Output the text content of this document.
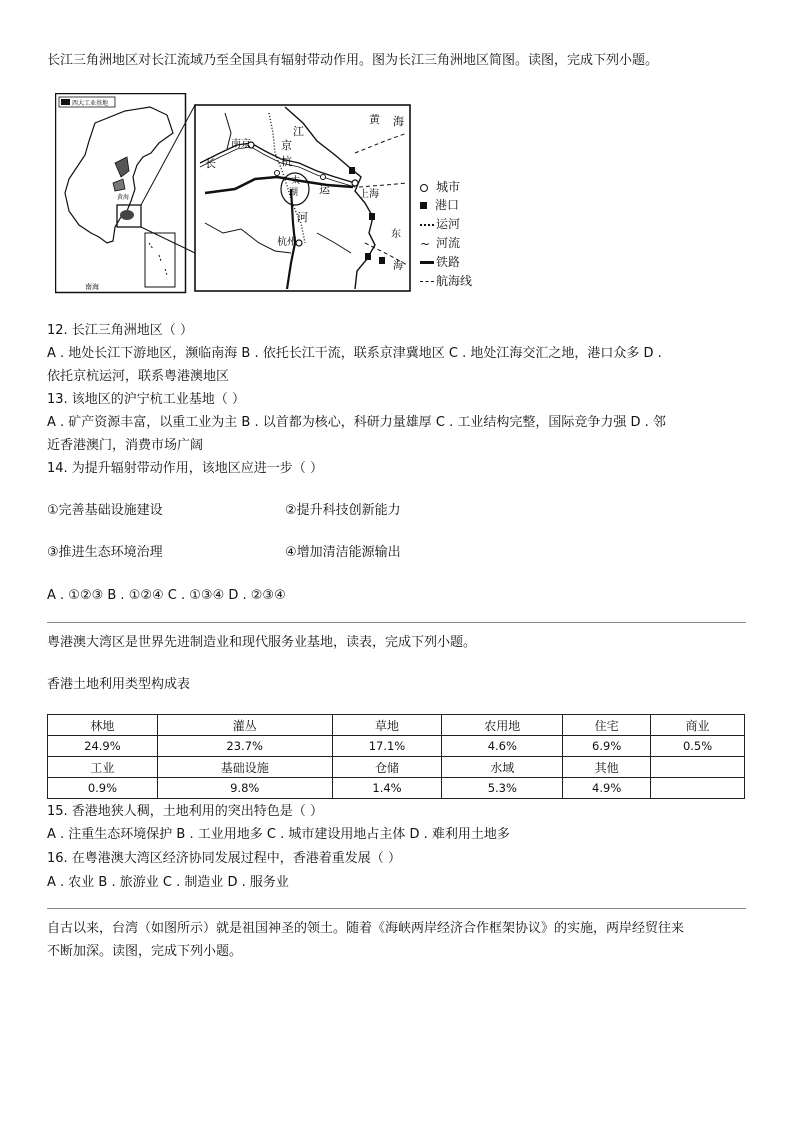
长江三角洲地区对长江流域乃至全国具有辐射带动作用。图为长江三角洲地区简图。读图，完成下列小题。
黄 海
江
南京	京
长	杭
太
湖 运
河
上海
杭州
东
海
西大工业基地
南海
黄海
城市
港口
运河
~ 河流
铁路
航海线
12. 长江三角洲地区（ ）
A . 地处长江下游地区，濒临南海 B . 依托长江干流，联系京津冀地区 C . 地处江海交汇之地，港口众多 D .
依托京杭运河，联系粤港澳地区
13. 该地区的沪宁杭工业基地（ ）
A . 矿产资源丰富，以重工业为主 B . 以首都为核心，科研力量雄厚 C . 工业结构完整，国际竞争力强 D . 邻
近香港澳门，消费市场广阔
14. 为提升辐射带动作用，该地区应进一步（ ）
①完善基础设施建设	②提升科技创新能力
③推进生态环境治理	④增加清洁能源输出
A . ①②③ B . ①②④ C . ①③④ D . ②③④
粤港澳大湾区是世界先进制造业和现代服务业基地，读表，完成下列小题。
香港土地利用类型构成表
林地	灌丛	草地	农用地	住宅	商业
24.9%	23.7%	17.1%	4.6%	6.9%	0.5%
工业	基础设施	仓储	水域	其他	
0.9%	9.8%	1.4%	5.3%	4.9%	
15. 香港地狭人稠，土地利用的突出特色是（ ）
A . 注重生态环境保护 B . 工业用地多 C . 城市建设用地占主体 D . 难利用土地多
16. 在粤港澳大湾区经济协同发展过程中，香港着重发展（ ）
A . 农业 B . 旅游业 C . 制造业 D . 服务业
自古以来，台湾（如图所示）就是祖国神圣的领土。随着《海峡两岸经济合作框架协议》的实施，两岸经贸往来
不断加深。读图，完成下列小题。
